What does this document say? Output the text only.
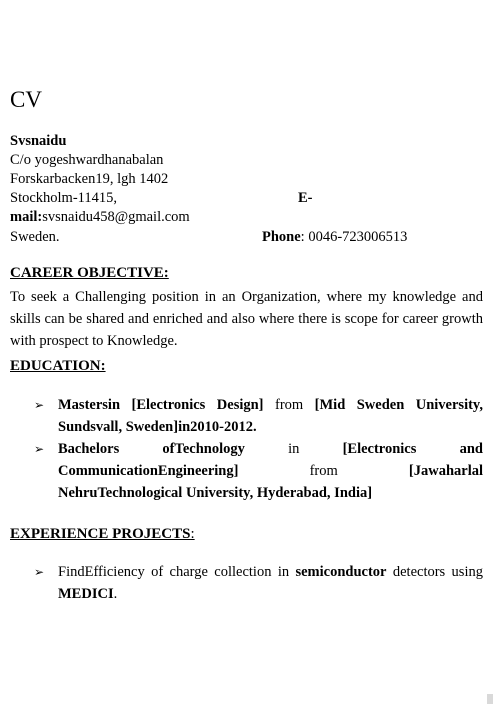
CV
Svsnaidu
C/o yogeshwardhanabalan
Forskarbacken19, lgh 1402
Stockholm-11415,	E-
mail:svsnaidu458@gmail.com
Sweden.	Phone: 0046-723006513
CAREER OBJECTIVE:
To seek a Challenging position in an Organization, where my knowledge and skills can be shared and enriched and also where there is scope for career growth with prospect to Knowledge.
EDUCATION:
➢ Mastersin [Electronics Design] from [Mid Sweden University, Sundsvall, Sweden]in2010-2012.
➢ Bachelors	ofTechnology	in	[Electronics	and
CommunicationEngineering]	from	[Jawaharlal
NehruTechnological University, Hyderabad, India]
EXPERIENCE PROJECTS:
➢ FindEfficiency of charge collection in semiconductor detectors using MEDICI.
